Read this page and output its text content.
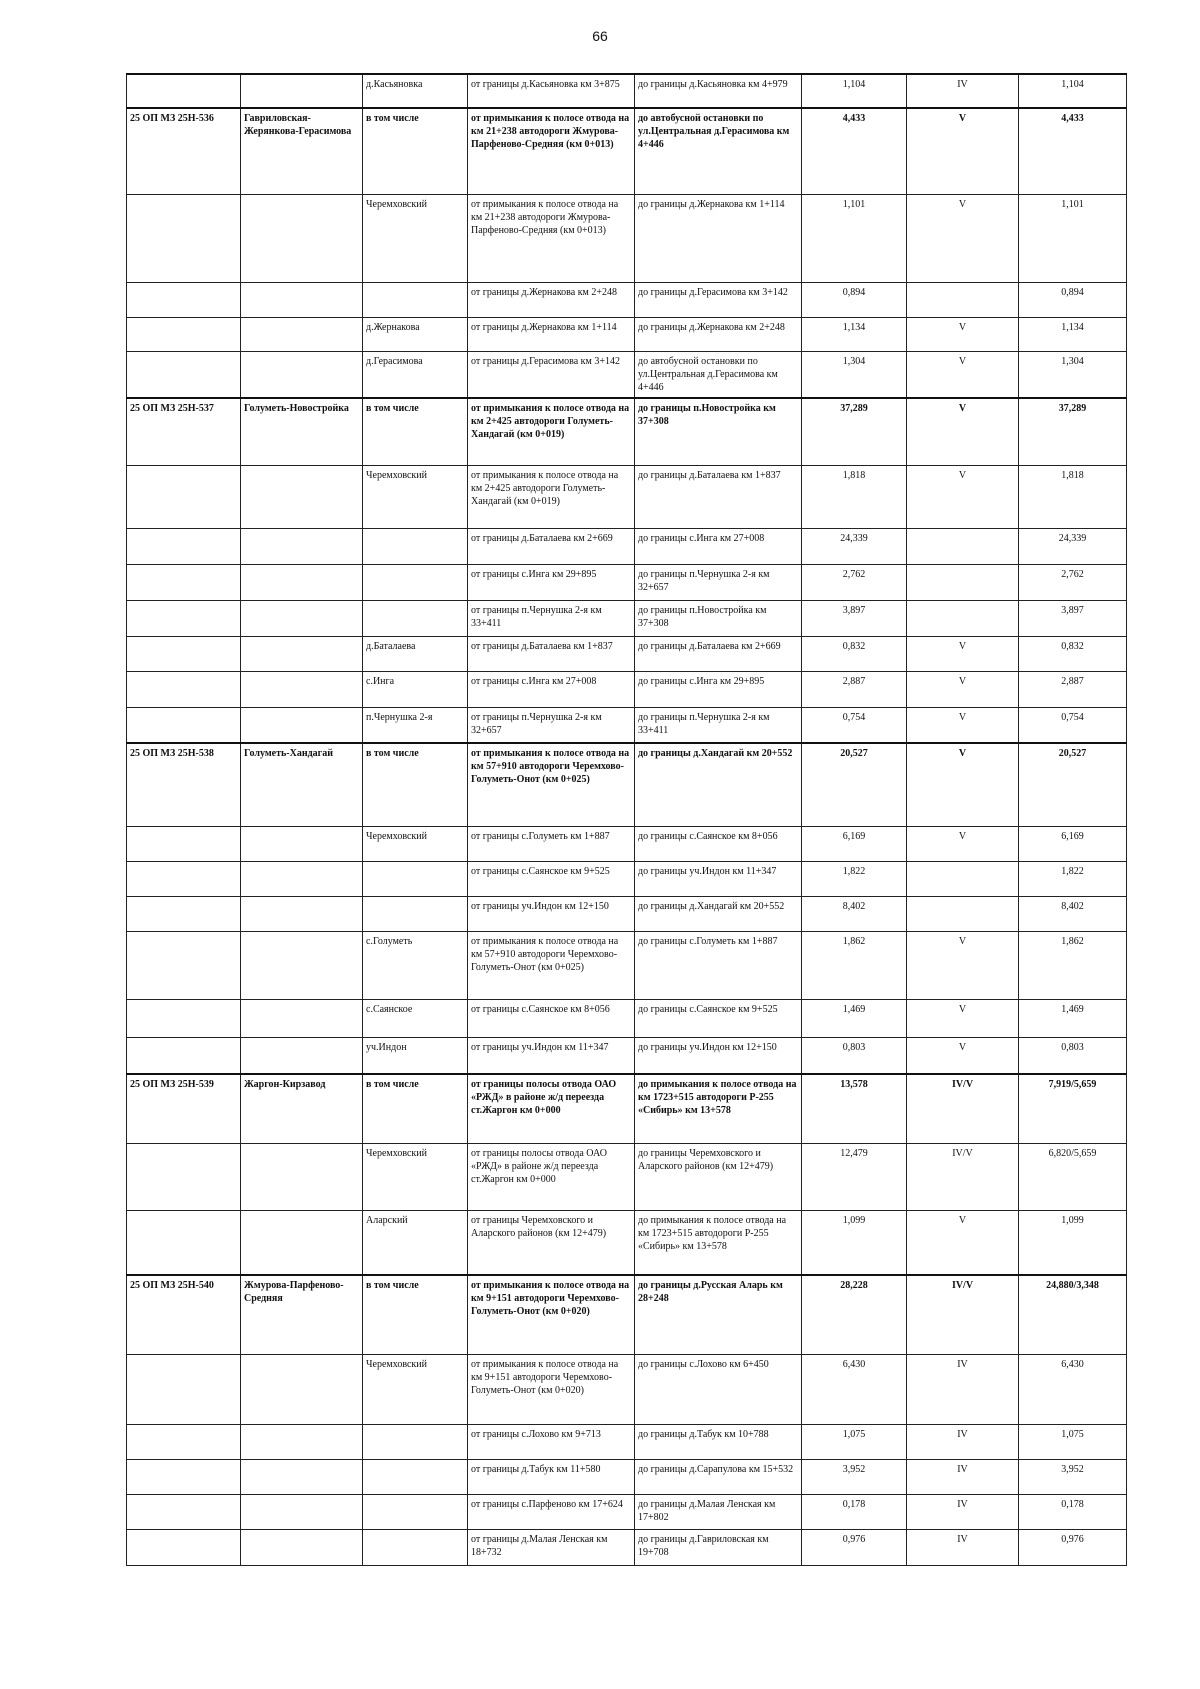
66
		д.Касьяновка	от границы д.Касьяновка км 3+875	до границы д.Касьяновка км 4+979	1,104	IV	1,104
25 ОП МЗ 25Н-536	Гавриловская-Жерянкова-Герасимова	в том числе	от примыкания к полосе отвода на км 21+238 автодороги Жмурова-Парфеново-Средняя (км 0+013)	до автобусной остановки по ул.Центральная д.Герасимова км 4+446	4,433	V	4,433
		Черемховский	от примыкания к полосе отвода на км 21+238 автодороги Жмурова-Парфеново-Средняя (км 0+013)	до границы д.Жернакова км 1+114	1,101	V	1,101
			от границы д.Жернакова км 2+248	до границы д.Герасимова км 3+142	0,894		0,894
		д.Жернакова	от границы д.Жернакова км 1+114	до границы д.Жернакова км 2+248	1,134	V	1,134
		д.Герасимова	от границы д.Герасимова км 3+142	до автобусной остановки по ул.Центральная д.Герасимова км 4+446	1,304	V	1,304
25 ОП МЗ 25Н-537	Голуметь-Новостройка	в том числе	от примыкания к полосе отвода на км 2+425 автодороги Голуметь-Хандагай (км 0+019)	до границы п.Новостройка км 37+308	37,289	V	37,289
		Черемховский	от примыкания к полосе отвода на км 2+425 автодороги Голуметь-Хандагай (км 0+019)	до границы д.Баталаева км 1+837	1,818	V	1,818
			от границы д.Баталаева км 2+669	до границы с.Инга км 27+008	24,339		24,339
			от границы с.Инга км 29+895	до границы п.Чернушка 2-я км 32+657	2,762		2,762
			от границы п.Чернушка 2-я км 33+411	до границы п.Новостройка км 37+308	3,897		3,897
		д.Баталаева	от границы д.Баталаева км 1+837	до границы д.Баталаева км 2+669	0,832	V	0,832
		с.Инга	от границы с.Инга км 27+008	до границы с.Инга км 29+895	2,887	V	2,887
		п.Чернушка 2-я	от границы п.Чернушка 2-я км 32+657	до границы п.Чернушка 2-я км 33+411	0,754	V	0,754
25 ОП МЗ 25Н-538	Голуметь-Хандагай	в том числе	от примыкания к полосе отвода на км 57+910 автодороги Черемхово-Голуметь-Онот (км 0+025)	до границы д.Хандагай км 20+552	20,527	V	20,527
		Черемховский	от границы с.Голуметь км 1+887	до границы с.Саянское км 8+056	6,169	V	6,169
			от границы с.Саянское км 9+525	до границы уч.Индон км 11+347	1,822		1,822
			от границы уч.Индон км 12+150	до границы д.Хандагай км 20+552	8,402		8,402
		с.Голуметь	от примыкания к полосе отвода на км 57+910 автодороги Черемхово-Голуметь-Онот (км 0+025)	до границы с.Голуметь км 1+887	1,862	V	1,862
		с.Саянское	от границы с.Саянское км 8+056	до границы с.Саянское км 9+525	1,469	V	1,469
		уч.Индон	от границы уч.Индон км 11+347	до границы уч.Индон км 12+150	0,803	V	0,803
25 ОП МЗ 25Н-539	Жаргон-Кирзавод	в том числе	от границы полосы отвода ОАО «РЖД» в районе ж/д переезда ст.Жаргон км 0+000	до примыкания к полосе отвода на км 1723+515 автодороги Р-255 «Сибирь» км 13+578	13,578	IV/V	7,919/5,659
		Черемховский	от границы полосы отвода ОАО «РЖД» в районе ж/д переезда ст.Жаргон км 0+000	до границы Черемховского и Аларского районов (км 12+479)	12,479	IV/V	6,820/5,659
		Аларский	от границы Черемховского и Аларского районов (км 12+479)	до примыкания к полосе отвода на км 1723+515 автодороги Р-255 «Сибирь» км 13+578	1,099	V	1,099
25 ОП МЗ 25Н-540	Жмурова-Парфеново-Средняя	в том числе	от примыкания к полосе отвода на км 9+151 автодороги Черемхово-Голуметь-Онот (км 0+020)	до границы д.Русская Аларь км 28+248	28,228	IV/V	24,880/3,348
		Черемховский	от примыкания к полосе отвода на км 9+151 автодороги Черемхово-Голуметь-Онот (км 0+020)	до границы с.Лохово км 6+450	6,430	IV	6,430
			от границы с.Лохово км 9+713	до границы д.Табук км 10+788	1,075	IV	1,075
			от границы д.Табук км 11+580	до границы д.Сарапулова км 15+532	3,952	IV	3,952
			от границы с.Парфеново км 17+624	до границы д.Малая Ленская км 17+802	0,178	IV	0,178
			от границы д.Малая Ленская км 18+732	до границы д.Гавриловская км 19+708	0,976	IV	0,976
